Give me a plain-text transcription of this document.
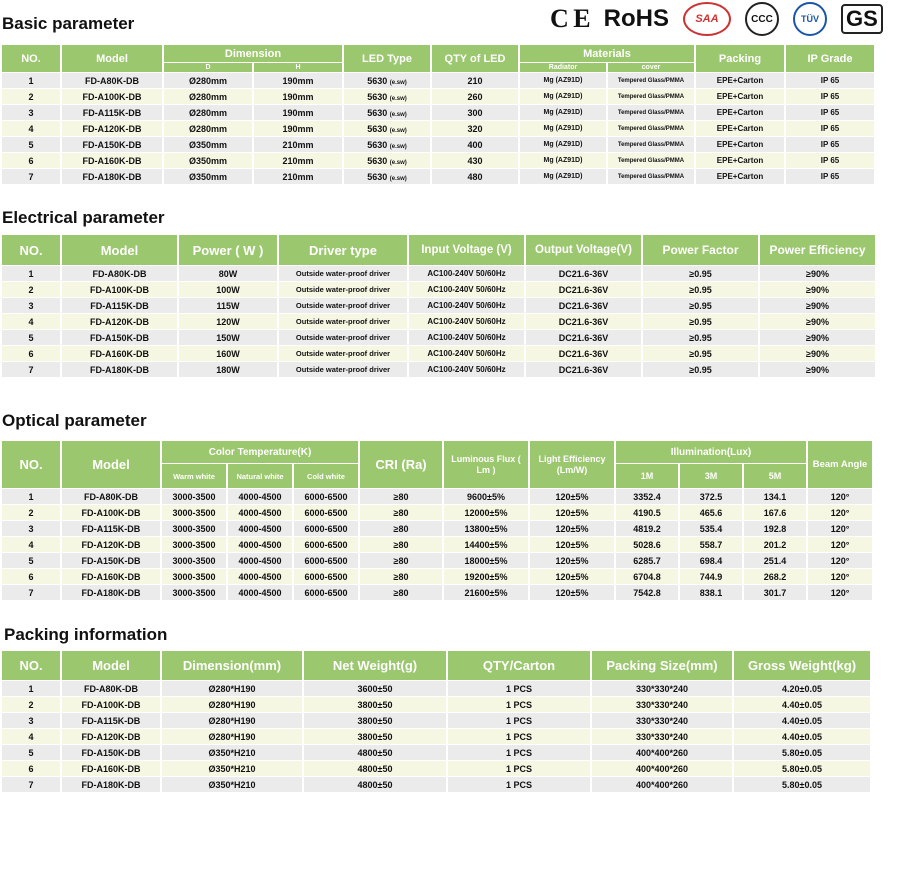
Basic parameter	C E RoHS	SAA	CCC	TÜV	GS
NO.	Model	Dimension		LED Type	QTY of LED	Materials		Packing	IP Grade
		D	H			Radiator	cover		
1	FD-A80K-DB	Ø280mm	190mm	5630 (e.sw)	210	Mg (AZ91D)	Tempered Glass/PMMA	EPE+Carton	IP 65
2	FD-A100K-DB	Ø280mm	190mm	5630 (e.sw)	260	Mg (AZ91D)	Tempered Glass/PMMA	EPE+Carton	IP 65
3	FD-A115K-DB	Ø280mm	190mm	5630 (e.sw)	300	Mg (AZ91D)	Tempered Glass/PMMA	EPE+Carton	IP 65
4	FD-A120K-DB	Ø280mm	190mm	5630 (e.sw)	320	Mg (AZ91D)	Tempered Glass/PMMA	EPE+Carton	IP 65
5	FD-A150K-DB	Ø350mm	210mm	5630 (e.sw)	400	Mg (AZ91D)	Tempered Glass/PMMA	EPE+Carton	IP 65
6	FD-A160K-DB	Ø350mm	210mm	5630 (e.sw)	430	Mg (AZ91D)	Tempered Glass/PMMA	EPE+Carton	IP 65
7	FD-A180K-DB	Ø350mm	210mm	5630 (e.sw)	480	Mg (AZ91D)	Tempered Glass/PMMA	EPE+Carton	IP 65
Electrical parameter
NO.	Model	Power ( W )	Driver type	Input Voltage (V)	Output Voltage(V)	Power Factor	Power Efficiency
1	FD-A80K-DB	80W	Outside water-proof driver	AC100-240V 50/60Hz	DC21.6-36V	≥0.95	≥90%
2	FD-A100K-DB	100W	Outside water-proof driver	AC100-240V 50/60Hz	DC21.6-36V	≥0.95	≥90%
3	FD-A115K-DB	115W	Outside water-proof driver	AC100-240V 50/60Hz	DC21.6-36V	≥0.95	≥90%
4	FD-A120K-DB	120W	Outside water-proof driver	AC100-240V 50/60Hz	DC21.6-36V	≥0.95	≥90%
5	FD-A150K-DB	150W	Outside water-proof driver	AC100-240V 50/60Hz	DC21.6-36V	≥0.95	≥90%
6	FD-A160K-DB	160W	Outside water-proof driver	AC100-240V 50/60Hz	DC21.6-36V	≥0.95	≥90%
7	FD-A180K-DB	180W	Outside water-proof driver	AC100-240V 50/60Hz	DC21.6-36V	≥0.95	≥90%
Optical parameter
NO.	Model	Color Temperature(K)			CRI (Ra)	Luminous Flux ( Lm )	Light Efficiency (Lm/W)	Illumination(Lux)			Beam Angle
		Warm white	Natural white	Cold white				1M	3M	5M	
1	FD-A80K-DB	3000-3500	4000-4500	6000-6500	≥80	9600±5%	120±5%	3352.4	372.5	134.1	120°
2	FD-A100K-DB	3000-3500	4000-4500	6000-6500	≥80	12000±5%	120±5%	4190.5	465.6	167.6	120°
3	FD-A115K-DB	3000-3500	4000-4500	6000-6500	≥80	13800±5%	120±5%	4819.2	535.4	192.8	120°
4	FD-A120K-DB	3000-3500	4000-4500	6000-6500	≥80	14400±5%	120±5%	5028.6	558.7	201.2	120°
5	FD-A150K-DB	3000-3500	4000-4500	6000-6500	≥80	18000±5%	120±5%	6285.7	698.4	251.4	120°
6	FD-A160K-DB	3000-3500	4000-4500	6000-6500	≥80	19200±5%	120±5%	6704.8	744.9	268.2	120°
7	FD-A180K-DB	3000-3500	4000-4500	6000-6500	≥80	21600±5%	120±5%	7542.8	838.1	301.7	120°
Packing information
NO.	Model	Dimension(mm)	Net Weight(g)	QTY/Carton	Packing Size(mm)	Gross Weight(kg)
1	FD-A80K-DB	Ø280*H190	3600±50	1 PCS	330*330*240	4.20±0.05
2	FD-A100K-DB	Ø280*H190	3800±50	1 PCS	330*330*240	4.40±0.05
3	FD-A115K-DB	Ø280*H190	3800±50	1 PCS	330*330*240	4.40±0.05
4	FD-A120K-DB	Ø280*H190	3800±50	1 PCS	330*330*240	4.40±0.05
5	FD-A150K-DB	Ø350*H210	4800±50	1 PCS	400*400*260	5.80±0.05
6	FD-A160K-DB	Ø350*H210	4800±50	1 PCS	400*400*260	5.80±0.05
7	FD-A180K-DB	Ø350*H210	4800±50	1 PCS	400*400*260	5.80±0.05
